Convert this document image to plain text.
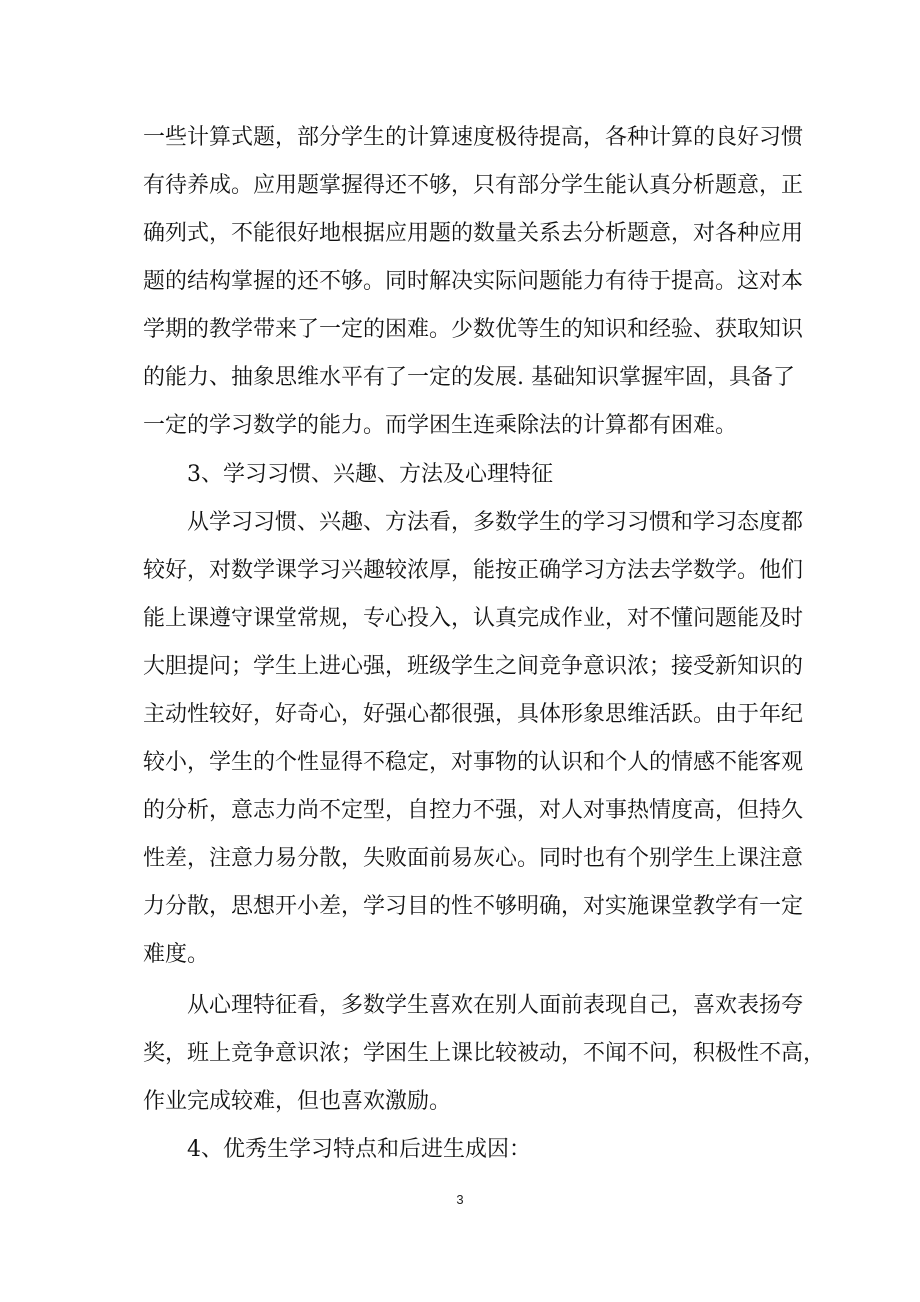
一些计算式题，部分学生的计算速度极待提高，各种计算的良好习惯
有待养成。应用题掌握得还不够，只有部分学生能认真分析题意，正
确列式，不能很好地根据应用题的数量关系去分析题意，对各种应用
题的结构掌握的还不够。同时解决实际问题能力有待于提高。这对本
学期的教学带来了一定的困难。少数优等生的知识和经验、获取知识
的能力、抽象思维水平有了一定的发展. 基础知识掌握牢固，具备了
一定的学习数学的能力。而学困生连乘除法的计算都有困难。
3、学习习惯、兴趣、方法及心理特征
从学习习惯、兴趣、方法看，多数学生的学习习惯和学习态度都
较好，对数学课学习兴趣较浓厚，能按正确学习方法去学数学。他们
能上课遵守课堂常规，专心投入，认真完成作业，对不懂问题能及时
大胆提问；学生上进心强，班级学生之间竞争意识浓；接受新知识的
主动性较好，好奇心，好强心都很强，具体形象思维活跃。由于年纪
较小，学生的个性显得不稳定，对事物的认识和个人的情感不能客观
的分析，意志力尚不定型，自控力不强，对人对事热情度高，但持久
性差，注意力易分散，失败面前易灰心。同时也有个别学生上课注意
力分散，思想开小差，学习目的性不够明确，对实施课堂教学有一定
难度。
从心理特征看，多数学生喜欢在别人面前表现自己，喜欢表扬夸
奖，班上竞争意识浓；学困生上课比较被动，不闻不问，积极性不高，
作业完成较难，但也喜欢激励。
4、优秀生学习特点和后进生成因：
3
